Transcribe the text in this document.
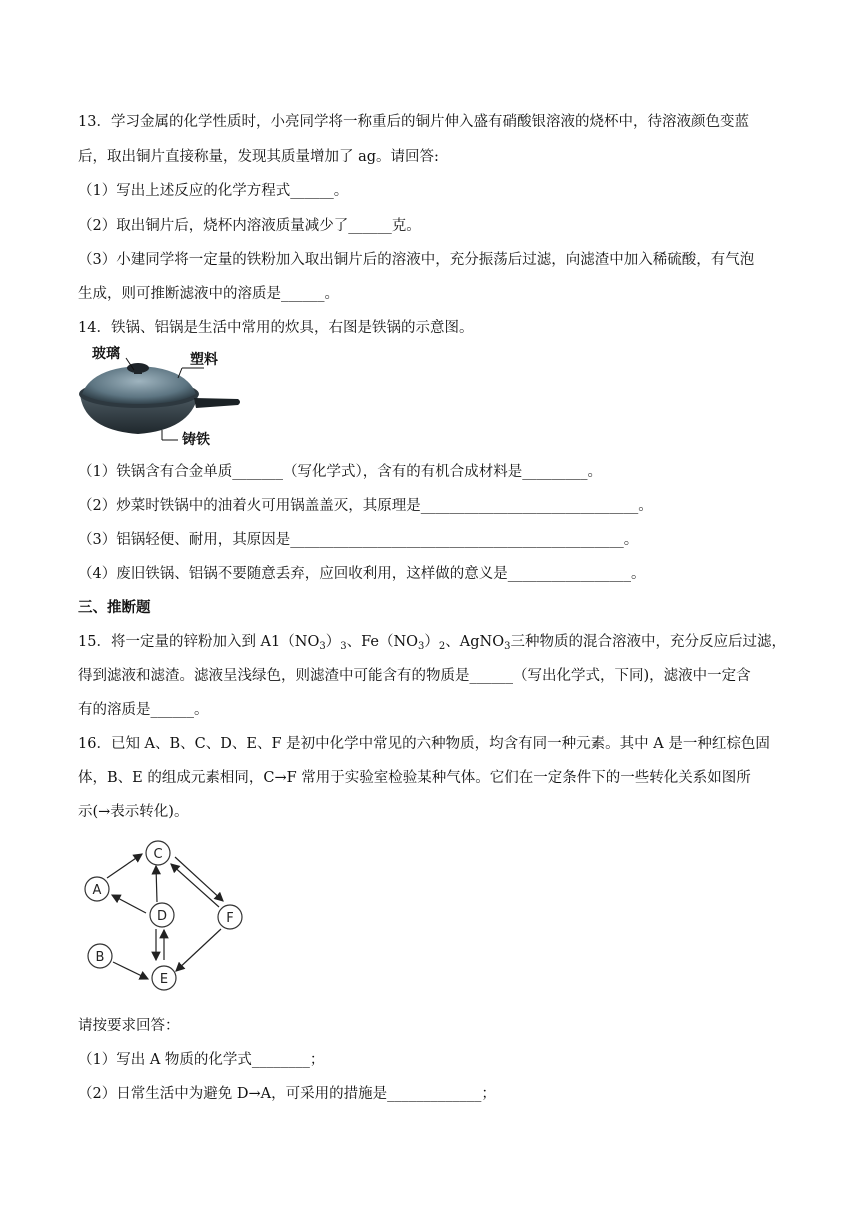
13．学习金属的化学性质时，小亮同学将一称重后的铜片伸入盛有硝酸银溶液的烧杯中，待溶液颜色变蓝
后，取出铜片直接称量，发现其质量增加了 ag。请回答:
（1）写出上述反应的化学方程式______。
（2）取出铜片后，烧杯内溶液质量减少了______克。
（3）小建同学将一定量的铁粉加入取出铜片后的溶液中，充分振荡后过滤，向滤渣中加入稀硫酸，有气泡
生成，则可推断滤液中的溶质是______。
14．铁锅、铝锅是生活中常用的炊具，右图是铁锅的示意图。
玻璃	塑料
铸铁
（1）铁锅含有合金单质_______（写化学式），含有的有机合成材料是_________。
（2）炒菜时铁锅中的油着火可用锅盖盖灭，其原理是______________________________。
（3）铝锅轻便、耐用，其原因是______________________________________________。
（4）废旧铁锅、铝锅不要随意丢弃，应回收利用，这样做的意义是_________________。
三、推断题
15．将一定量的锌粉加入到 $A1(NO_3)_3$、$Fe(NO_3)_2$、AgNO$_3$三种物质的混合溶液中，充分反应后过滤，
得到滤液和滤渣。滤液呈浅绿色，则滤渣中可能含有的物质是______（写出化学式，下同)，滤液中一定含
有的溶质是______。
16．已知 A、B、C、D、E、F 是初中化学中常见的六种物质，均含有同一种元素。其中 A 是一种红棕色固
体，B、E 的组成元素相同，C→F 常用于实验室检验某种气体。它们在一定条件下的一些转化关系如图所
示(→表示转化)。
C
A
D	F
B
E
请按要求回答：
（1）写出 A 物质的化学式________；
（2）日常生活中为避免 D→A，可采用的措施是_____________；
